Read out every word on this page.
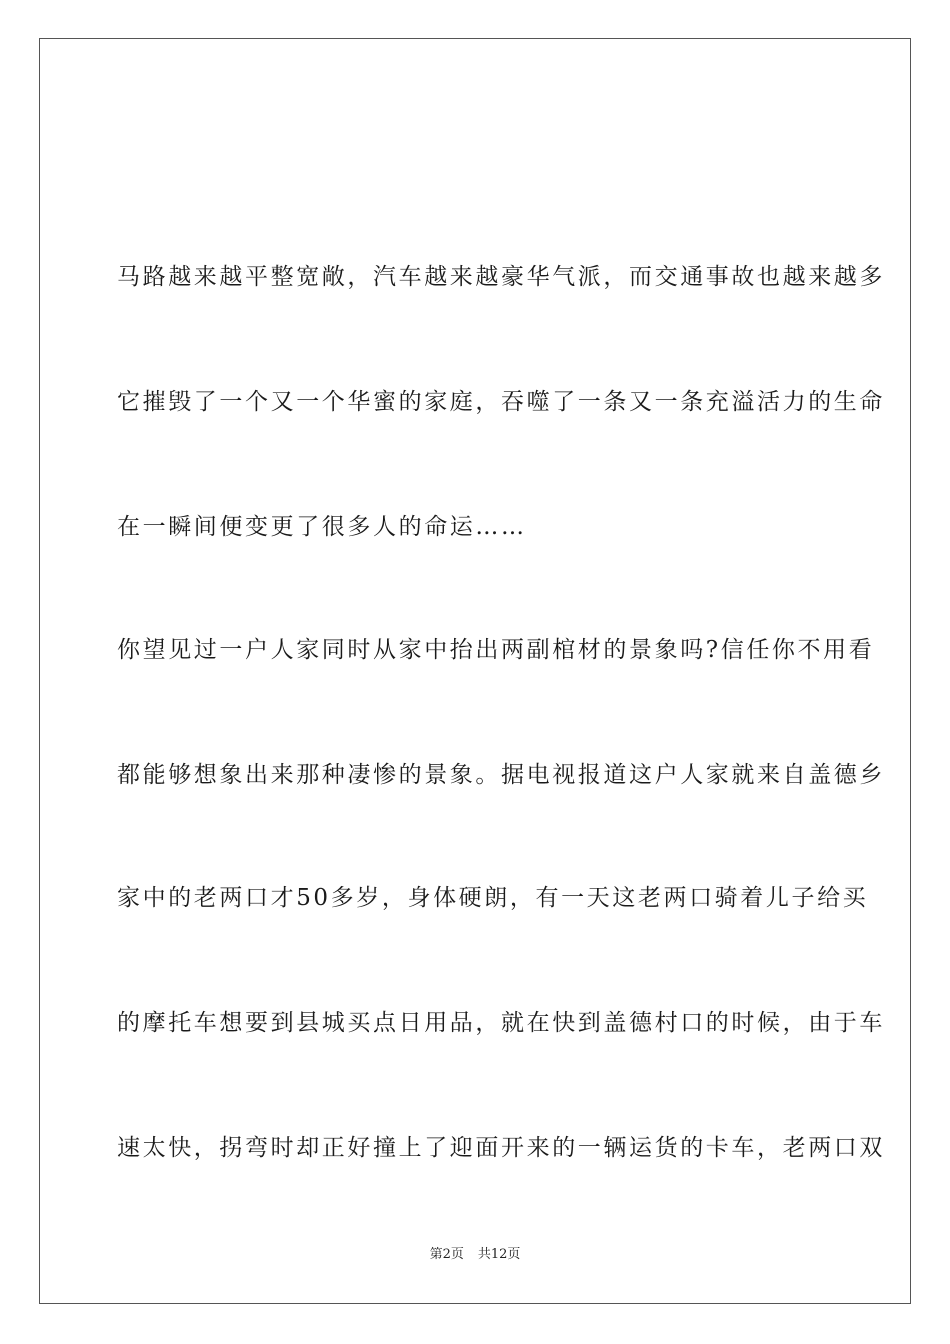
马路越来越平整宽敞，汽车越来越豪华气派，而交通事故也越来越多

它摧毁了一个又一个华蜜的家庭，吞噬了一条又一条充溢活力的生命

在一瞬间便变更了很多人的命运……

你望见过一户人家同时从家中抬出两副棺材的景象吗?信任你不用看

都能够想象出来那种凄惨的景象。据电视报道这户人家就来自盖德乡

家中的老两口才50多岁，身体硬朗，有一天这老两口骑着儿子给买

的摩托车想要到县城买点日用品，就在快到盖德村口的时候，由于车

速太快，拐弯时却正好撞上了迎面开来的一辆运货的卡车，老两口双

第2页 共12页
